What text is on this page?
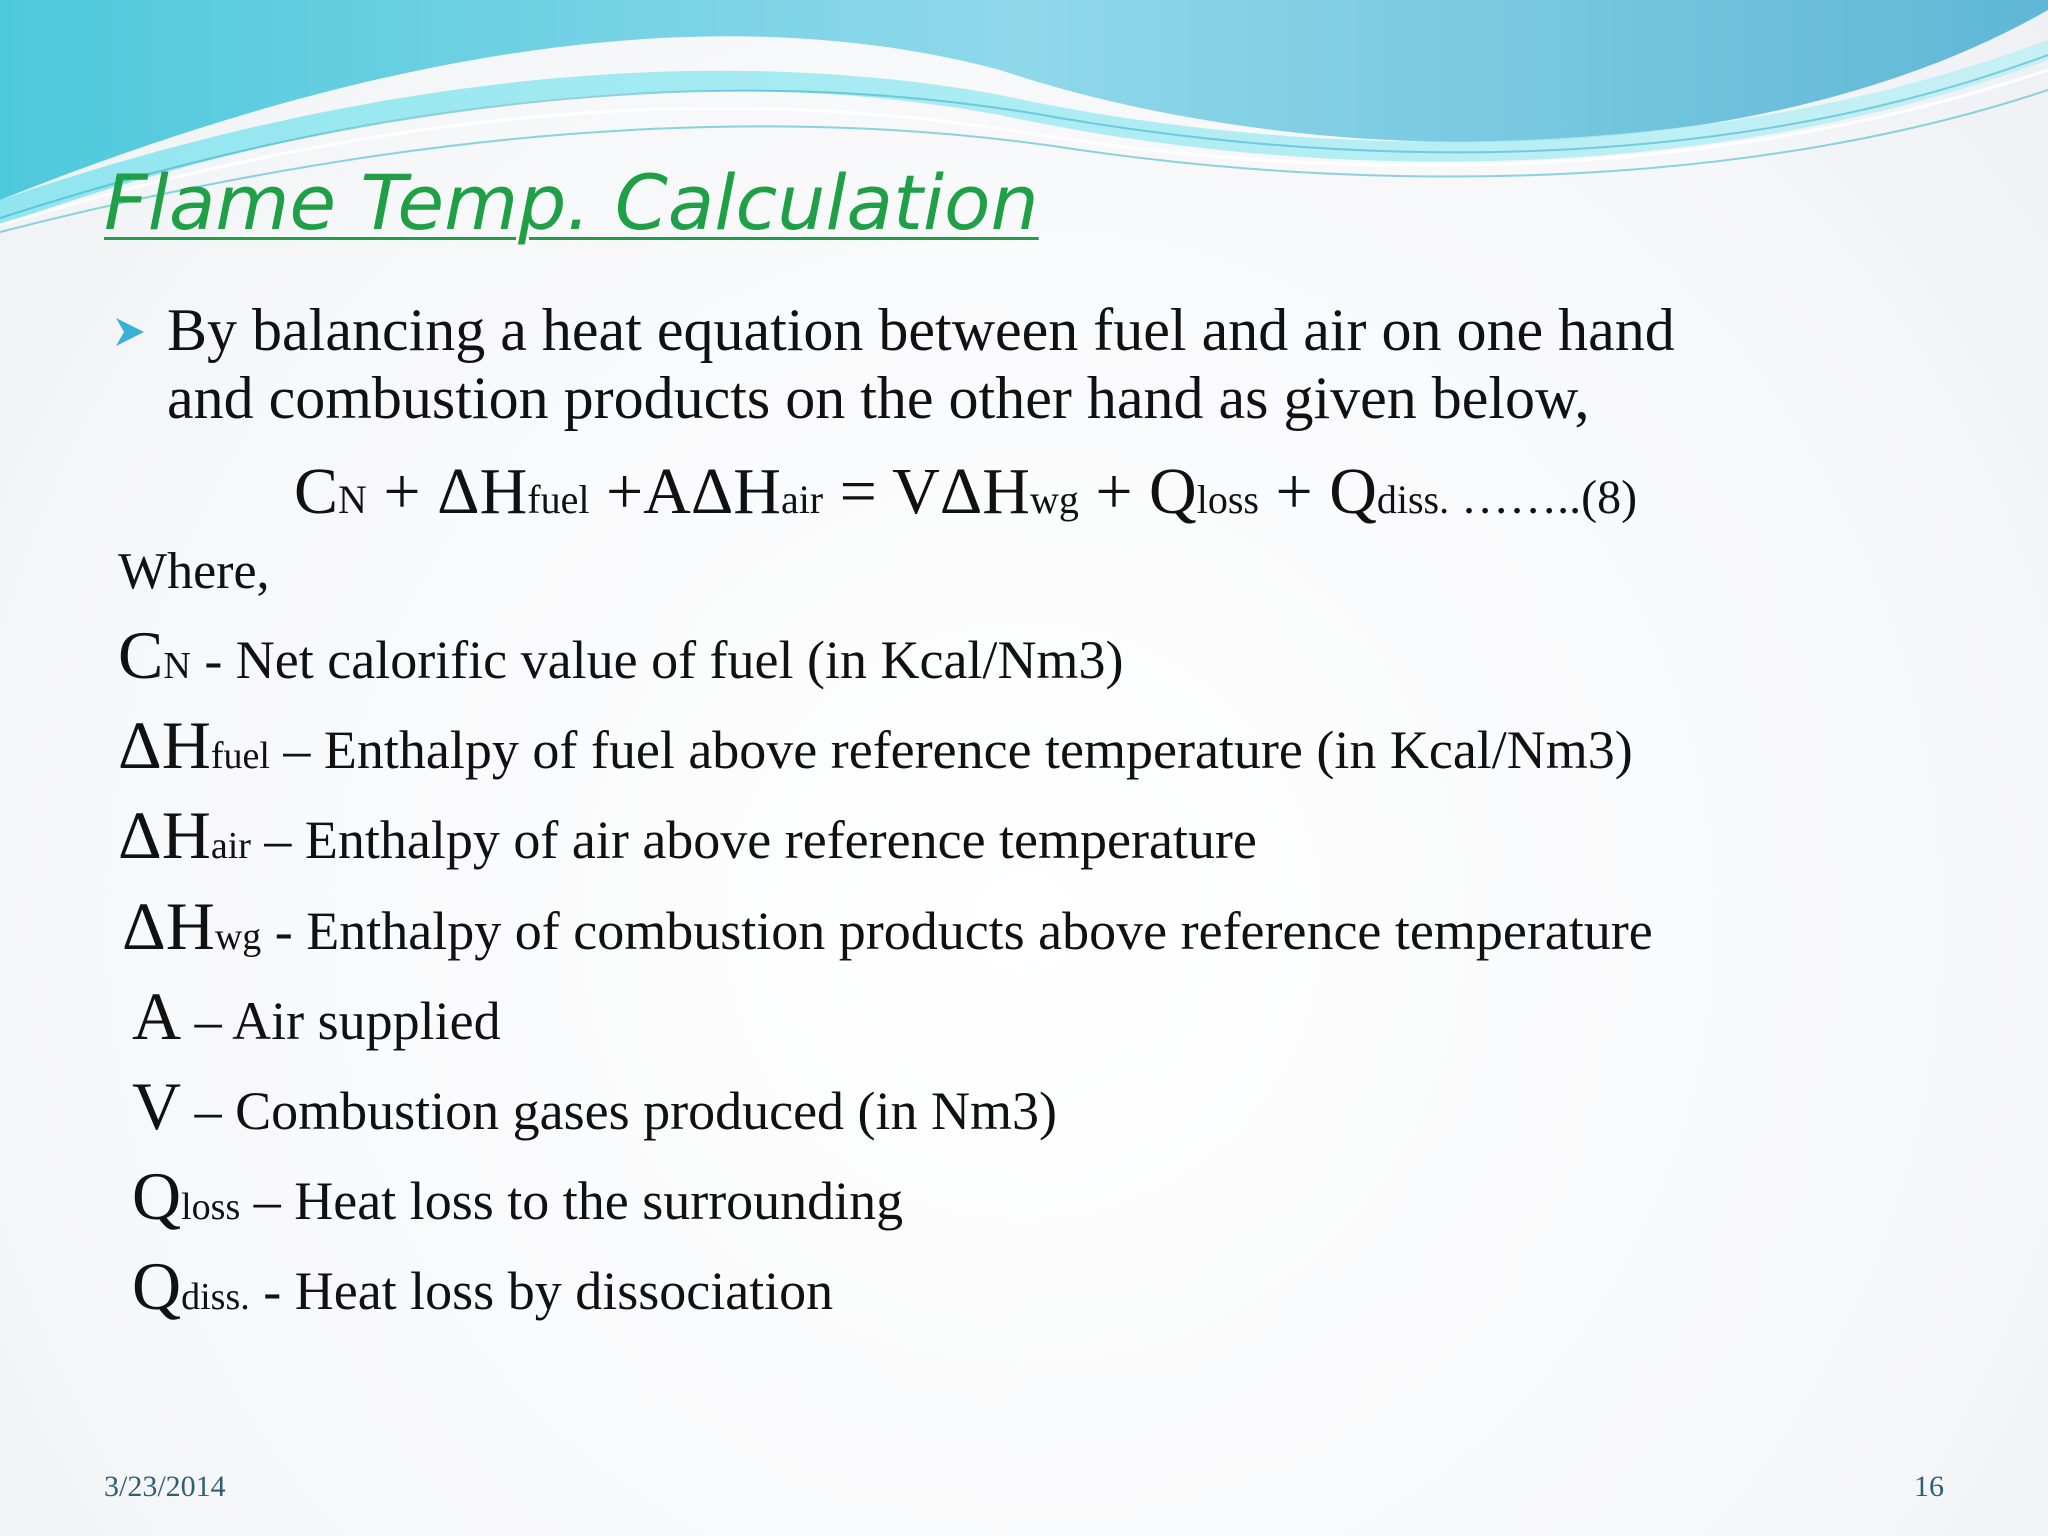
Flame Temp. Calculation
By balancing a heat equation between fuel and air on one hand
and combustion products on the other hand as given below,
CN + ΔHfuel +AΔHair = VΔHwg + Qloss + Qdiss. ……..(8)
Where,
CN - Net calorific value of fuel (in Kcal/Nm3)
ΔHfuel – Enthalpy of fuel above reference temperature (in Kcal/Nm3)
ΔHair – Enthalpy of air above reference temperature
ΔHwg - Enthalpy of combustion products above reference temperature
A – Air supplied
V – Combustion gases produced (in Nm3)
Qloss – Heat loss to the surrounding
Qdiss. - Heat loss by dissociation
3/23/2014	16
